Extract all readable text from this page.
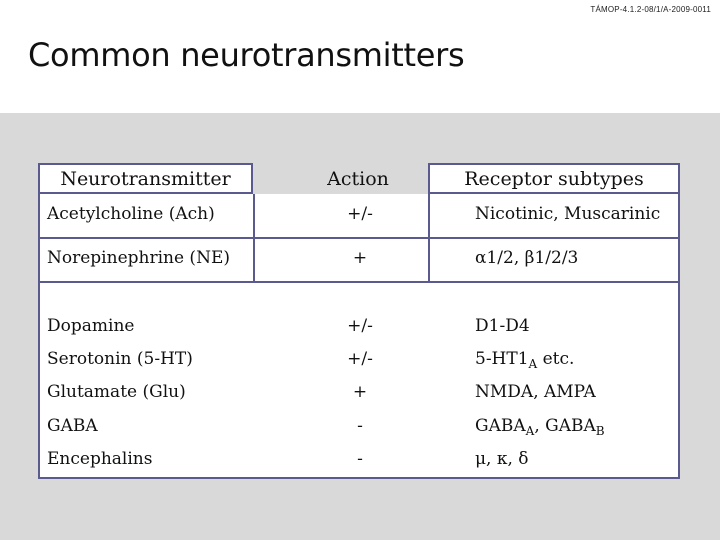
TÁMOP-4.1.2-08/1/A-2009-0011
Common neurotransmitters
Neurotransmitter	Action	Receptor subtypes
Acetylcholine (Ach)	+/-	Nicotinic, Muscarinic
Norepinephrine (NE)	+	α1/2, β1/2/3
Dopamine	+/-	D1-D4
Serotonin (5-HT)	+/-	$5-HT1_A$ etc.
Glutamate (Glu)	+	NMDA, AMPA
GABA	-	$GABA_A$, $GABA_B$
Encephalins	-	μ, κ, δ
